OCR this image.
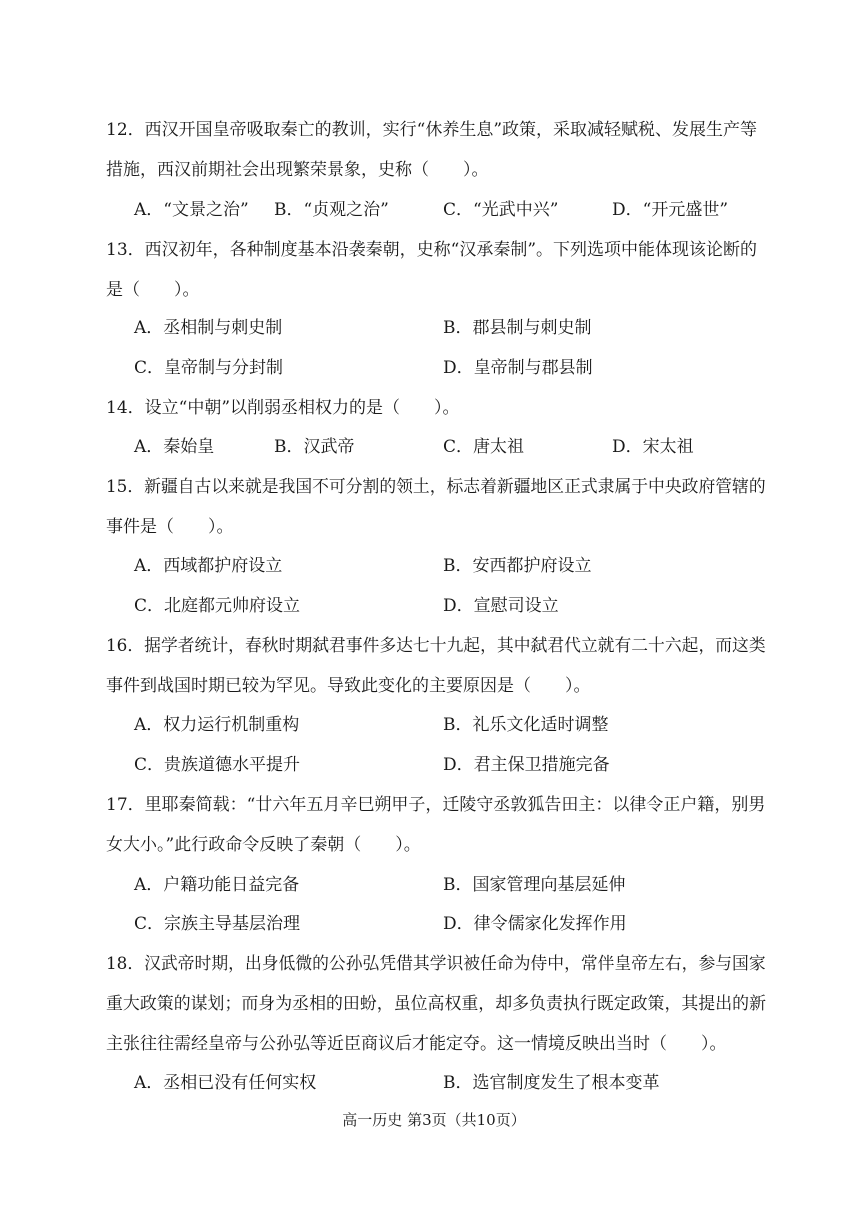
12．西汉开国皇帝吸取秦亡的教训，实行“休养生息”政策，采取减轻赋税、发展生产等
措施，西汉前期社会出现繁荣景象，史称（　　）。
A．“文景之治” B．“贞观之治”	C．“光武中兴”	D．“开元盛世”
13．西汉初年，各种制度基本沿袭秦朝，史称“汉承秦制”。下列选项中能体现该论断的
是（　　）。
A．丞相制与刺史制	B．郡县制与刺史制
C．皇帝制与分封制	D．皇帝制与郡县制
14．设立“中朝”以削弱丞相权力的是（　　）。
A．秦始皇	B．汉武帝	C．唐太祖	D．宋太祖
15．新疆自古以来就是我国不可分割的领土，标志着新疆地区正式隶属于中央政府管辖的
事件是（　　）。
A．西域都护府设立	B．安西都护府设立
C．北庭都元帅府设立	D．宣慰司设立
16．据学者统计，春秋时期弑君事件多达七十九起，其中弑君代立就有二十六起，而这类
事件到战国时期已较为罕见。导致此变化的主要原因是（　　）。
A．权力运行机制重构	B．礼乐文化适时调整
C．贵族道德水平提升	D．君主保卫措施完备
17．里耶秦简载：“廿六年五月辛巳朔甲子，迁陵守丞敦狐告田主：以律令正户籍，别男
女大小。”此行政命令反映了秦朝（　　）。
A．户籍功能日益完备	B．国家管理向基层延伸
C．宗族主导基层治理	D．律令儒家化发挥作用
18．汉武帝时期，出身低微的公孙弘凭借其学识被任命为侍中，常伴皇帝左右，参与国家
重大政策的谋划；而身为丞相的田蚡，虽位高权重，却多负责执行既定政策，其提出的新
主张往往需经皇帝与公孙弘等近臣商议后才能定夺。这一情境反映出当时（　　）。
A．丞相已没有任何实权	B．选官制度发生了根本变革
高一历史 第3页（共10页）
